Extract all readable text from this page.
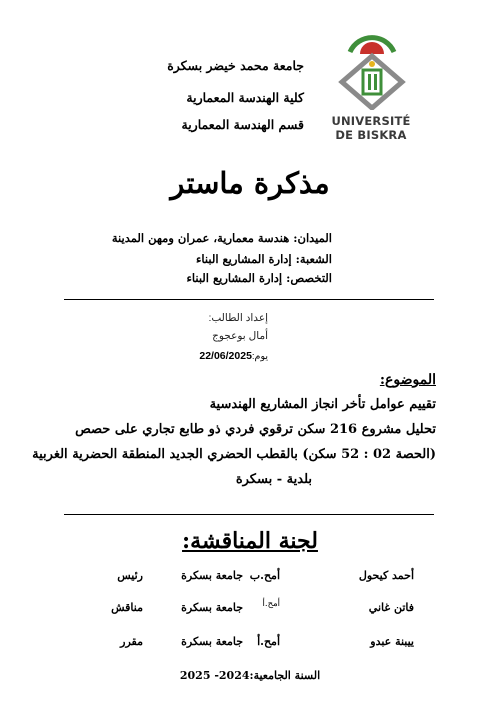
UNIVERSITÉ
DE BISKRA
جامعة محمد خيضر بسكرة
كلية الهندسة المعمارية
قسم الهندسة المعمارية
مذكرة ماستر
الميدان: هندسة معمارية، عمران ومهن المدينة
الشعبة: إدارة المشاريع البناء
التخصص: إدارة المشاريع البناء
إعداد الطالب:
أمال بوعجوج
يوم:22/06/2025
الموضوع:
تقييم عوامل تأخر انجاز المشاريع الهندسية
تحليل مشروع 216 سكن ترقوي فردي ذو طابع تجاري على حصص
(الحصة 02 : 52 سكن) بالقطب الحضري الجديد المنطقة الحضرية الغربية
بلدية - بسكرة
لجنة المناقشة:
أحمد كيحول
أمح.ب
جامعة بسكرة
رئيس
فاتن غاني
$^{أمح.أ}$
جامعة بسكرة
مناقش
ييبنة عبدو
أمح.أ
جامعة بسكرة
مقرر
السنة الجامعية:2024- 2025
